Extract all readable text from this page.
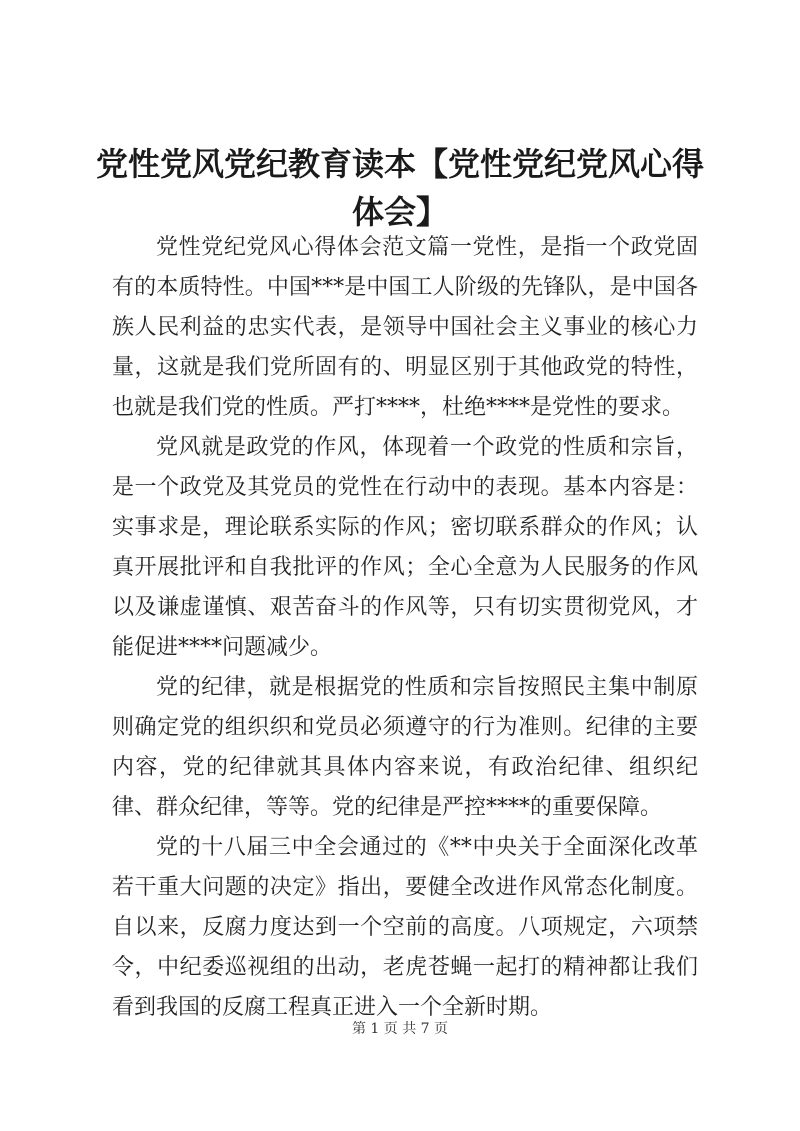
党性党风党纪教育读本【党性党纪党风心得体会】

党性党纪党风心得体会范文篇一党性，是指一个政党固有的本质特性。中国***是中国工人阶级的先锋队，是中国各族人民利益的忠实代表，是领导中国社会主义事业的核心力量，这就是我们党所固有的、明显区别于其他政党的特性，也就是我们党的性质。严打****，杜绝****是党性的要求。

党风就是政党的作风，体现着一个政党的性质和宗旨，是一个政党及其党员的党性在行动中的表现。基本内容是：实事求是，理论联系实际的作风；密切联系群众的作风；认真开展批评和自我批评的作风；全心全意为人民服务的作风以及谦虚谨慎、艰苦奋斗的作风等，只有切实贯彻党风，才能促进****问题减少。

党的纪律，就是根据党的性质和宗旨按照民主集中制原则确定党的组织织和党员必须遵守的行为准则。纪律的主要内容，党的纪律就其具体内容来说，有政治纪律、组织纪律、群众纪律，等等。党的纪律是严控****的重要保障。

党的十八届三中全会通过的《**中央关于全面深化改革若干重大问题的决定》指出，要健全改进作风常态化制度。自以来，反腐力度达到一个空前的高度。八项规定，六项禁令，中纪委巡视组的出动，老虎苍蝇一起打的精神都让我们看到我国的反腐工程真正进入一个全新时期。

第 1 页 共 7 页
